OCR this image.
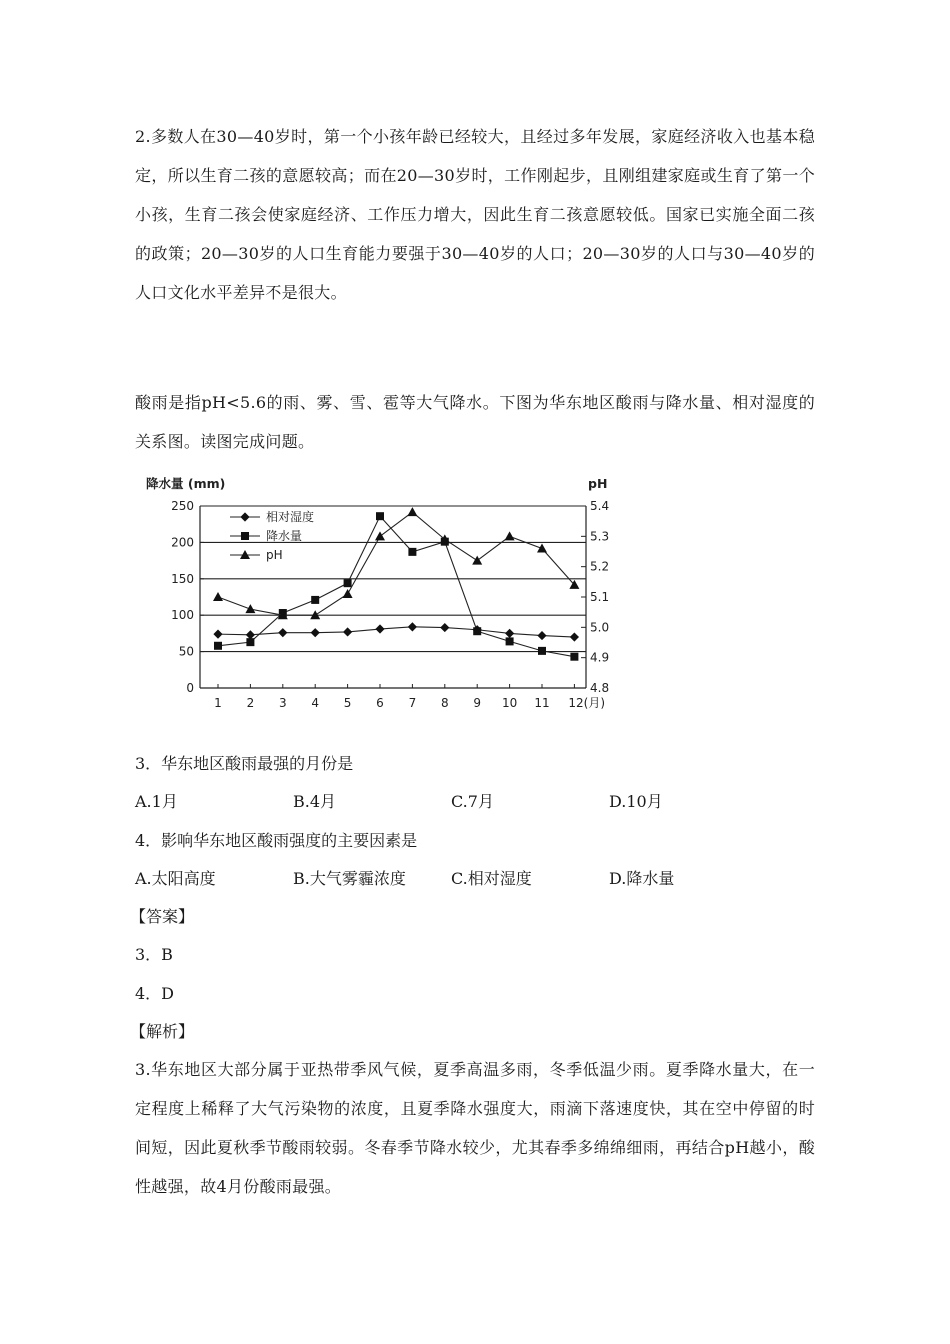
2.多数人在30—40岁时，第一个小孩年龄已经较大，且经过多年发展，家庭经济收入也基本稳定，所以生育二孩的意愿较高；而在20—30岁时，工作刚起步，且刚组建家庭或生育了第一个小孩，生育二孩会使家庭经济、工作压力增大，因此生育二孩意愿较低。国家已实施全面二孩的政策；20—30岁的人口生育能力要强于30—40岁的人口；20—30岁的人口与30—40岁的人口文化水平差异不是很大。

酸雨是指pH<5.6的雨、雾、雪、雹等大气降水。下图为华东地区酸雨与降水量、相对湿度的关系图。读图完成问题。

0
50
100
150
200
250
4.8
4.9
5.0
5.1
5.2
5.3
5.4
1 2 3 4 5 6 7 8 9 10 11 12(月)
降水量 (mm)	pH
相对湿度
降水量
pH

3．华东地区酸雨最强的月份是

A.1月	B.4月	C.7月	D.10月

4．影响华东地区酸雨强度的主要因素是

A.太阳高度	B.大气雾霾浓度	C.相对湿度	D.降水量

【答案】

3．B

4．D

【解析】

3.华东地区大部分属于亚热带季风气候，夏季高温多雨，冬季低温少雨。夏季降水量大，在一定程度上稀释了大气污染物的浓度，且夏季降水强度大，雨滴下落速度快，其在空中停留的时间短，因此夏秋季节酸雨较弱。冬春季节降水较少，尤其春季多绵绵细雨，再结合pH越小，酸性越强，故4月份酸雨最强。
